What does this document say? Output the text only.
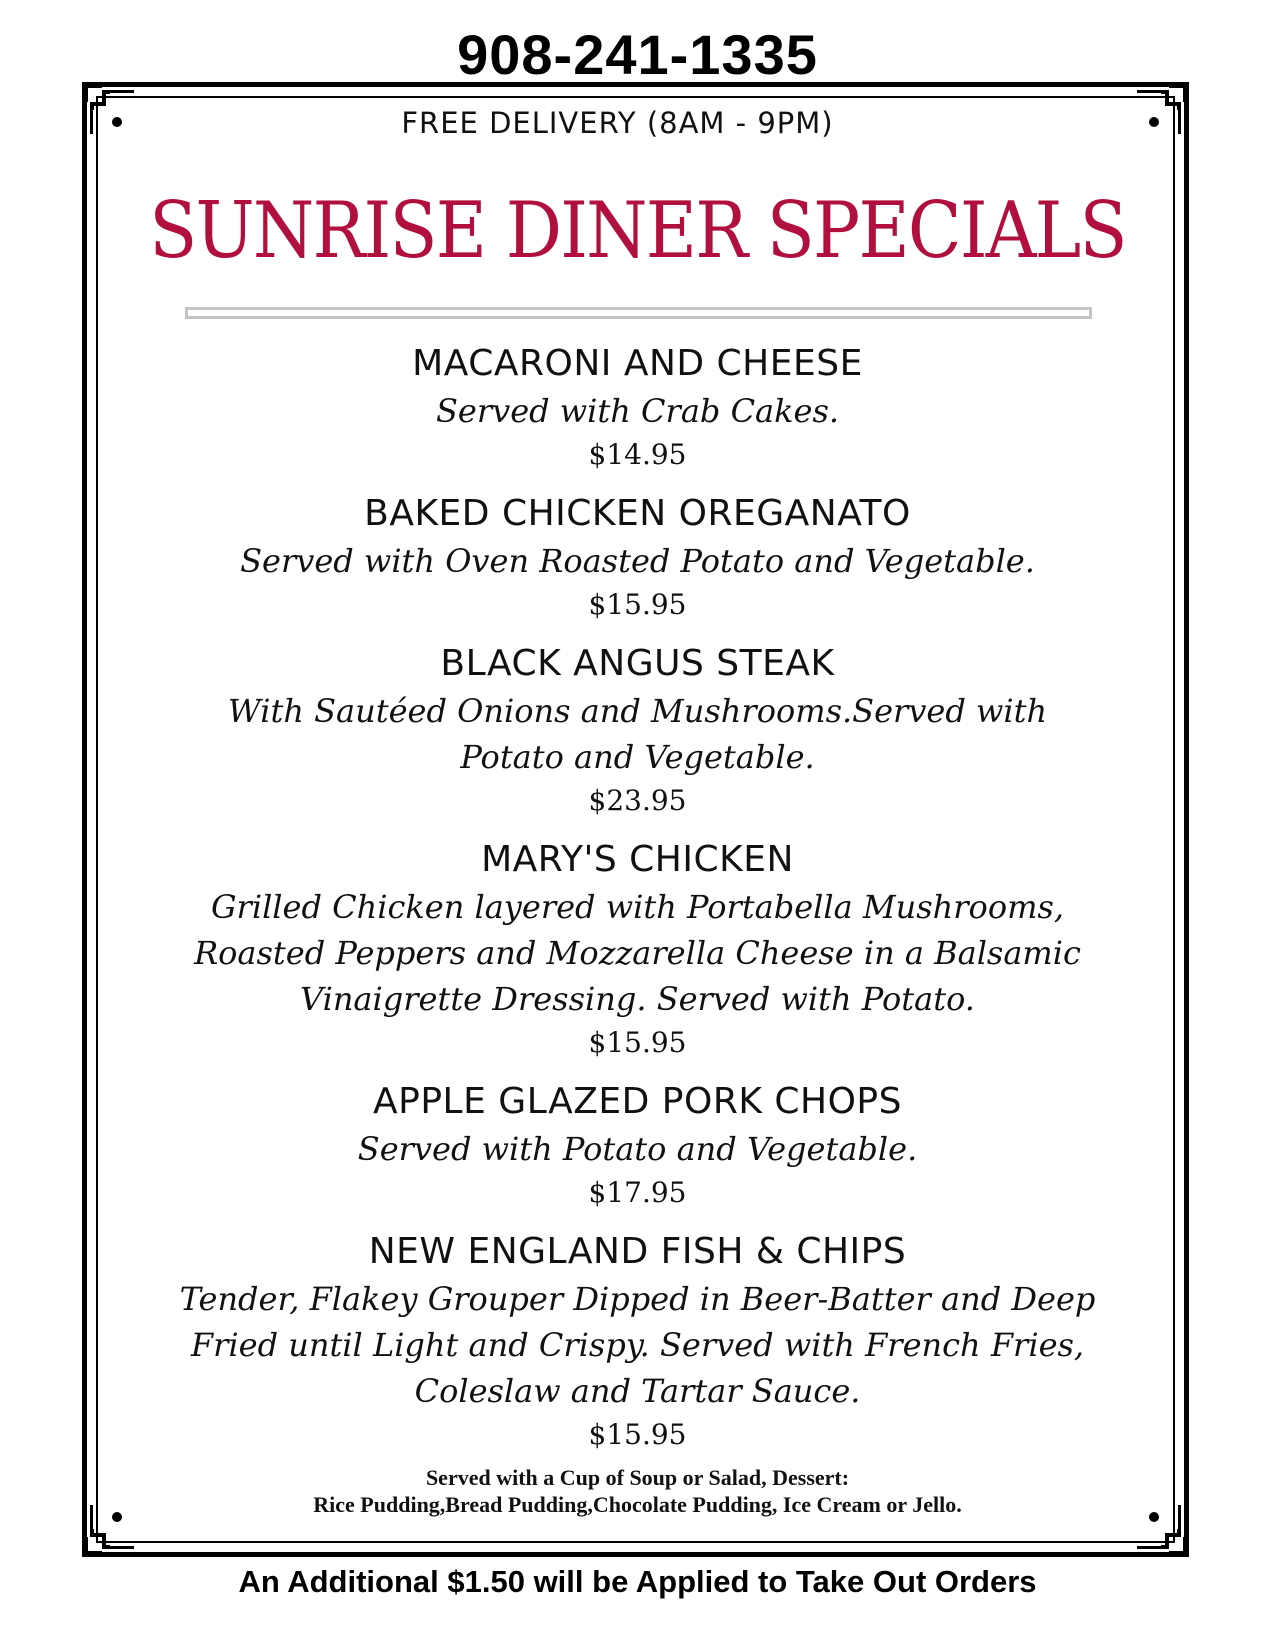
908-241-1335
FREE DELIVERY (8AM - 9PM)
SUNRISE DINER SPECIALS
MACARONI AND CHEESE
Served with Crab Cakes.
$14.95
BAKED CHICKEN OREGANATO
Served with Oven Roasted Potato and Vegetable.
$15.95
BLACK ANGUS STEAK
With Sautéed Onions and Mushrooms.Served with Potato and Vegetable.
$23.95
MARY'S CHICKEN
Grilled Chicken layered with Portabella Mushrooms, Roasted Peppers and Mozzarella Cheese in a Balsamic Vinaigrette Dressing. Served with Potato.
$15.95
APPLE GLAZED PORK CHOPS
Served with Potato and Vegetable.
$17.95
NEW ENGLAND FISH & CHIPS
Tender, Flakey Grouper Dipped in Beer-Batter and Deep Fried until Light and Crispy. Served with French Fries, Coleslaw and Tartar Sauce.
$15.95
Served with a Cup of Soup or Salad, Dessert:
Rice Pudding,Bread Pudding,Chocolate Pudding, Ice Cream or Jello.
An Additional $1.50 will be Applied to Take Out Orders
